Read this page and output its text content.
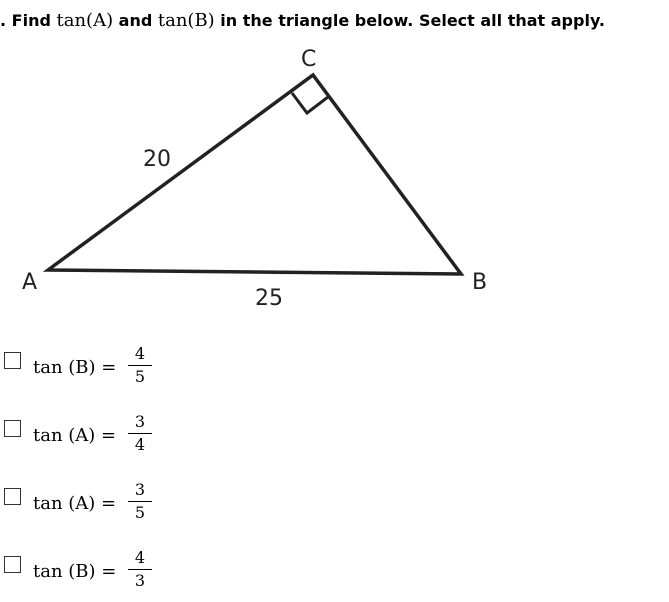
. Find tan(A) and tan(B) in the triangle below. Select all that apply.
C
A	B
20
25
tan (B) =
4
5
tan (A) =
3
4
tan (A) =
3
5
tan (B) =
4
3
